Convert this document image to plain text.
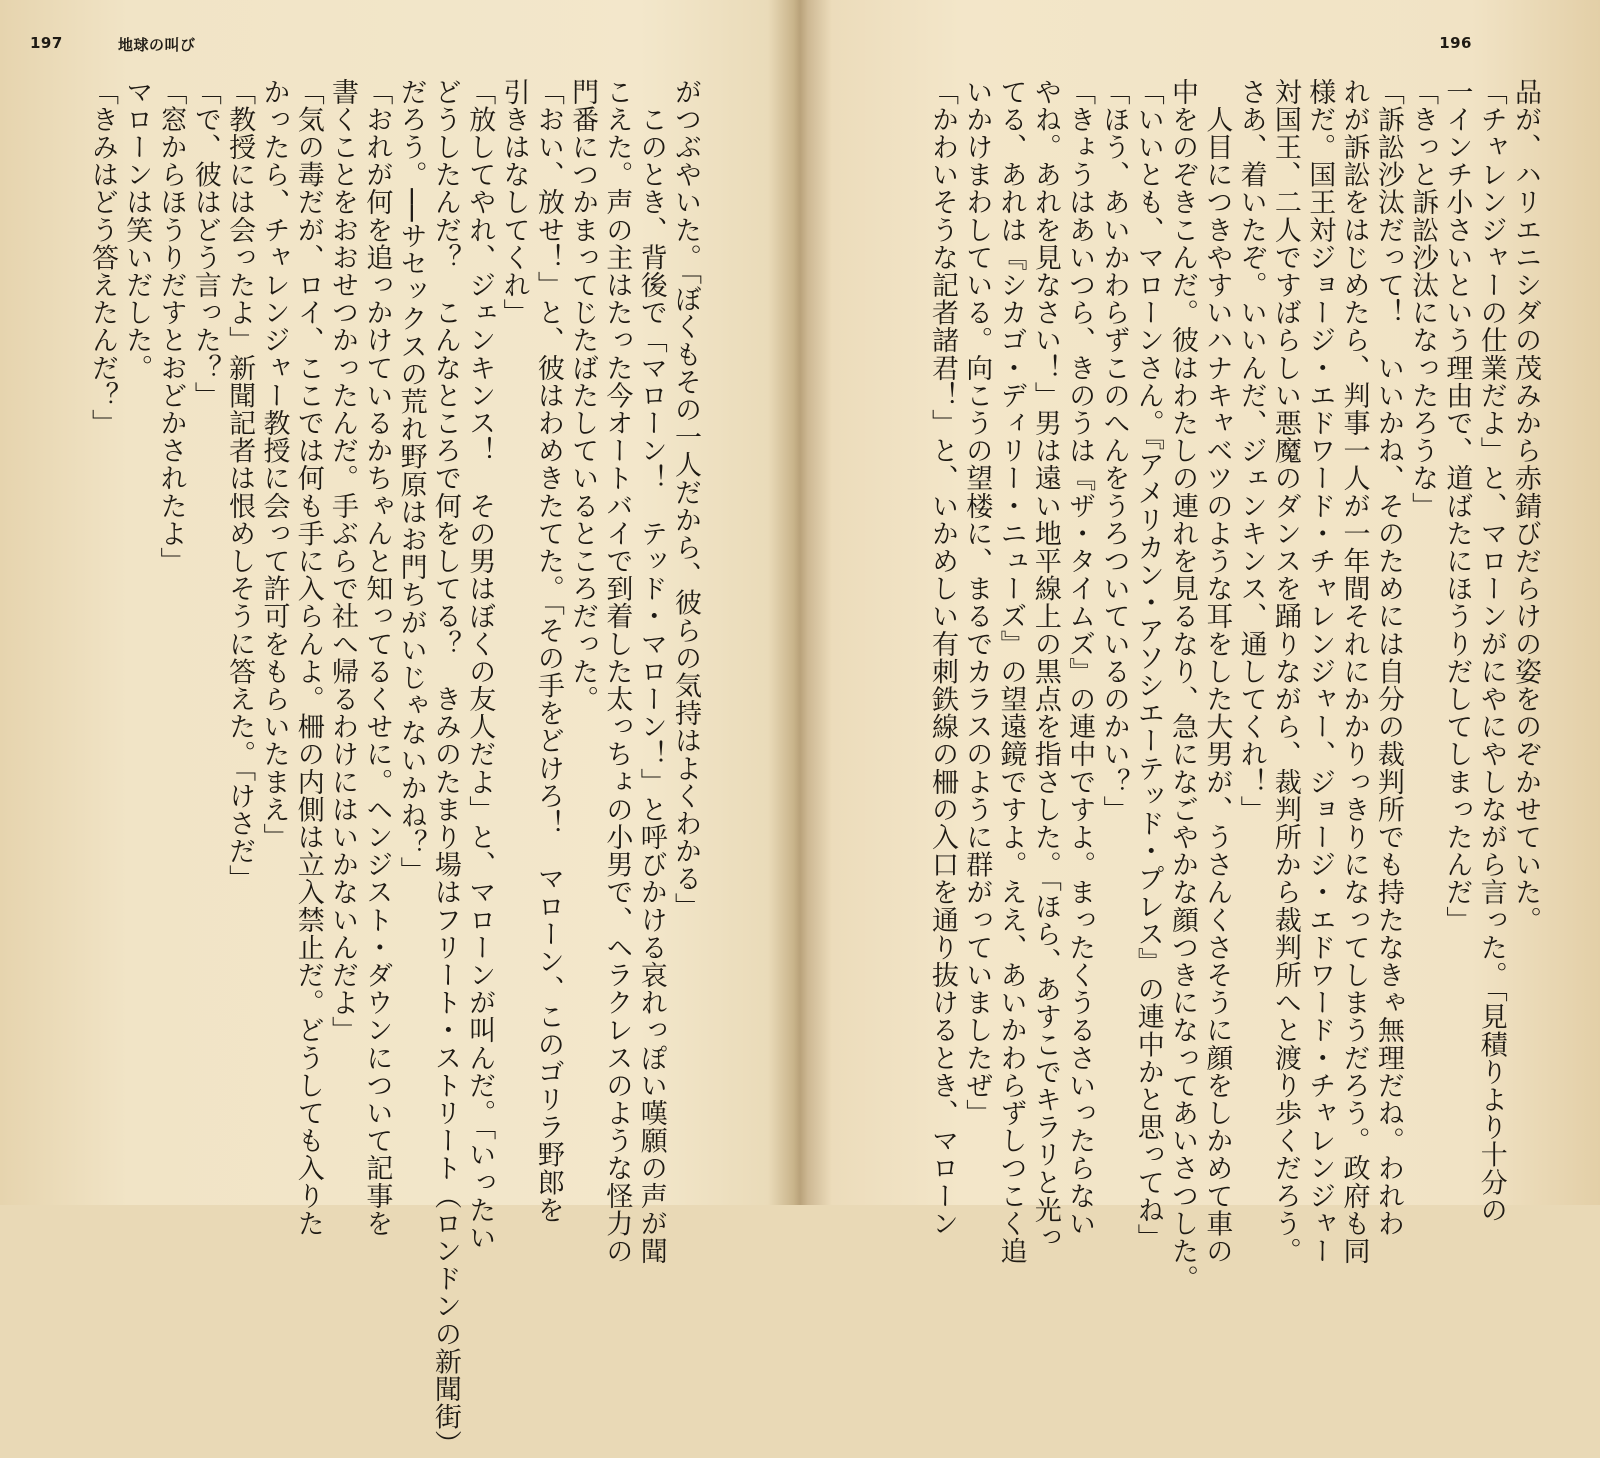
197	地球の叫び
がつぶやいた。「ぼくもその一人だから、彼らの気持はよくわかる」
　このとき、背後で「マローン！　テッド・マローン！」と呼びかける哀れっぽい嘆願の声が聞
こえた。声の主はたった今オートバイで到着した太っちょの小男で、ヘラクレスのような怪力の
門番につかまってじたばたしているところだった。
「おい、放せ！」と、彼はわめきたてた。「その手をどけろ！　マローン、このゴリラ野郎を
引きはなしてくれ」
「放してやれ、ジェンキンス！　その男はぼくの友人だよ」と、マローンが叫んだ。「いったい
どうしたんだ？　こんなところで何をしてる？　きみのたまり場はフリート・ストリート（ロンドンの新聞街）
だろう。──サセックスの荒れ野原はお門ちがいじゃないかね？」
「おれが何を追っかけているかちゃんと知ってるくせに。ヘンジスト・ダウンについて記事を
書くことをおおせつかったんだ。手ぶらで社へ帰るわけにはいかないんだよ」
「気の毒だが、ロイ、ここでは何も手に入らんよ。柵の内側は立入禁止だ。どうしても入りた
かったら、チャレンジャー教授に会って許可をもらいたまえ」
「教授には会ったよ」新聞記者は恨めしそうに答えた。「けさだ」
「で、彼はどう言った？」
「窓からほうりだすとおどかされたよ」
マローンは笑いだした。
「きみはどう答えたんだ？」
196
品が、ハリエニシダの茂みから赤錆びだらけの姿をのぞかせていた。
「チャレンジャーの仕業だよ」と、マローンがにやにやしながら言った。「見積りより十分の
一インチ小さいという理由で、道ばたにほうりだしてしまったんだ」
「きっと訴訟沙汰になったろうな」
「訴訟沙汰だって！　いいかね、そのためには自分の裁判所でも持たなきゃ無理だね。われわ
れが訴訟をはじめたら、判事一人が一年間それにかかりっきりになってしまうだろう。政府も同
様だ。国王対ジョージ・エドワード・チャレンジャー、ジョージ・エドワード・チャレンジャー
対国王、二人ですばらしい悪魔のダンスを踊りながら、裁判所から裁判所へと渡り歩くだろう。
さあ、着いたぞ。いいんだ、ジェンキンス、通してくれ！」
　人目につきやすいハナキャベツのような耳をした大男が、うさんくさそうに顔をしかめて車の
中をのぞきこんだ。彼はわたしの連れを見るなり、急になごやかな顔つきになってあいさつした。
「いいとも、マローンさん。『アメリカン・アソシエーテッド・プレス』の連中かと思ってね」
「ほう、あいかわらずこのへんをうろついているのかい？」
「きょうはあいつら、きのうは『ザ・タイムズ』の連中ですよ。まったくうるさいったらない
やね。あれを見なさい！」男は遠い地平線上の黒点を指さした。「ほら、あすこでキラリと光っ
てる、あれは『シカゴ・ディリー・ニューズ』の望遠鏡ですよ。ええ、あいかわらずしつこく追
いかけまわしている。向こうの望楼に、まるでカラスのように群がっていましたぜ」
「かわいそうな記者諸君！」と、いかめしい有刺鉄線の柵の入口を通り抜けるとき、マローン
